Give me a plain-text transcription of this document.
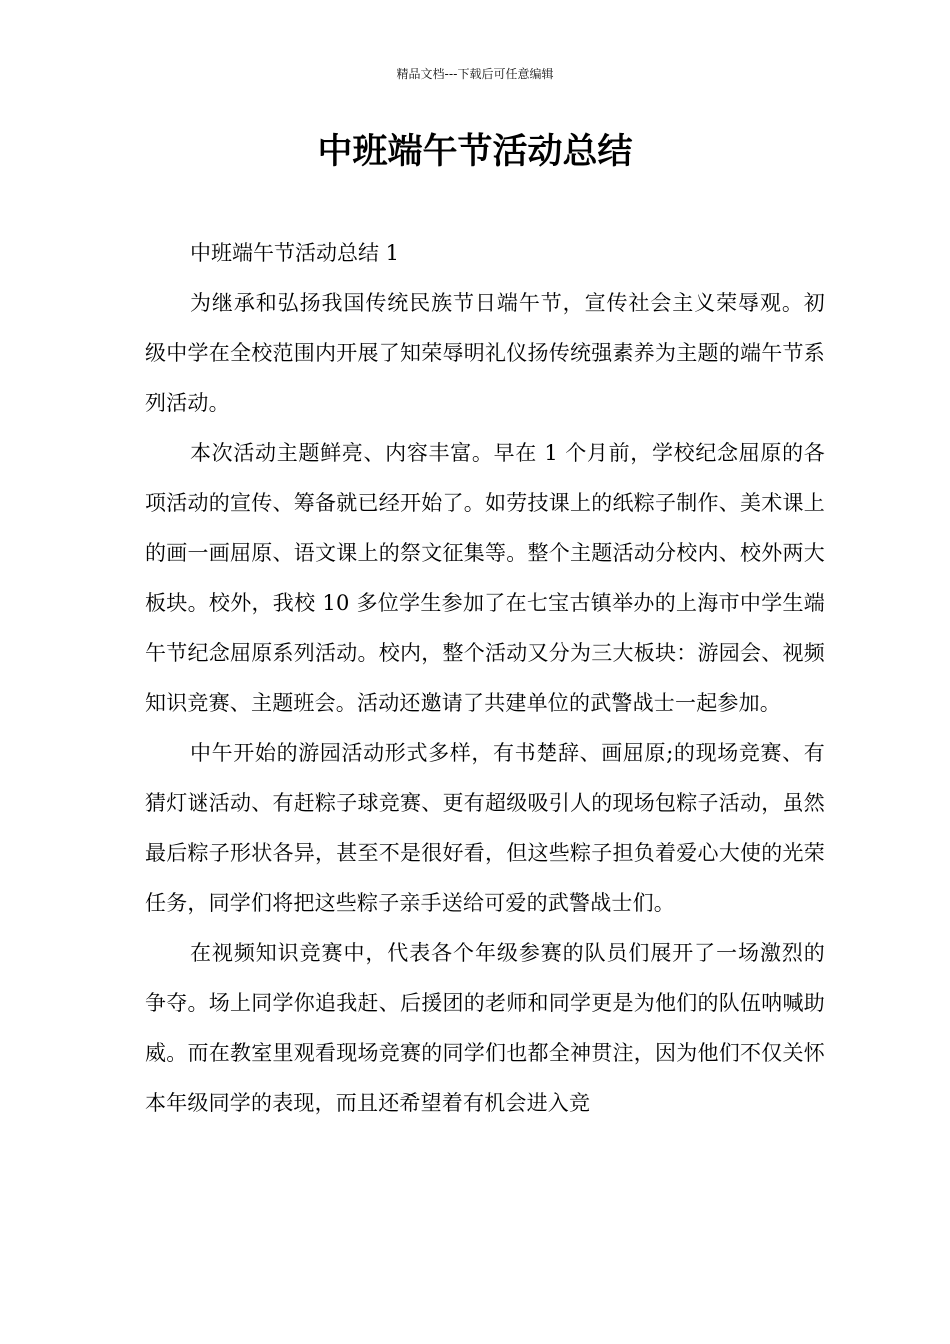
精品文档---下载后可任意编辑
中班端午节活动总结

中班端午节活动总结 1

为继承和弘扬我国传统民族节日端午节，宣传社会主义荣辱观。初级中学在全校范围内开展了知荣辱明礼仪扬传统强素养为主题的端午节系列活动。

本次活动主题鲜亮、内容丰富。早在 1 个月前，学校纪念屈原的各项活动的宣传、筹备就已经开始了。如劳技课上的纸粽子制作、美术课上的画一画屈原、语文课上的祭文征集等。整个主题活动分校内、校外两大板块。校外，我校 10 多位学生参加了在七宝古镇举办的上海市中学生端午节纪念屈原系列活动。校内，整个活动又分为三大板块：游园会、视频知识竞赛、主题班会。活动还邀请了共建单位的武警战士一起参加。

中午开始的游园活动形式多样，有书楚辞、画屈原;的现场竞赛、有猜灯谜活动、有赶粽子球竞赛、更有超级吸引人的现场包粽子活动，虽然最后粽子形状各异，甚至不是很好看，但这些粽子担负着爱心大使的光荣任务，同学们将把这些粽子亲手送给可爱的武警战士们。

在视频知识竞赛中，代表各个年级参赛的队员们展开了一场激烈的争夺。场上同学你追我赶、后援团的老师和同学更是为他们的队伍呐喊助威。而在教室里观看现场竞赛的同学们也都全神贯注，因为他们不仅关怀本年级同学的表现，而且还希望着有机会进入竞
